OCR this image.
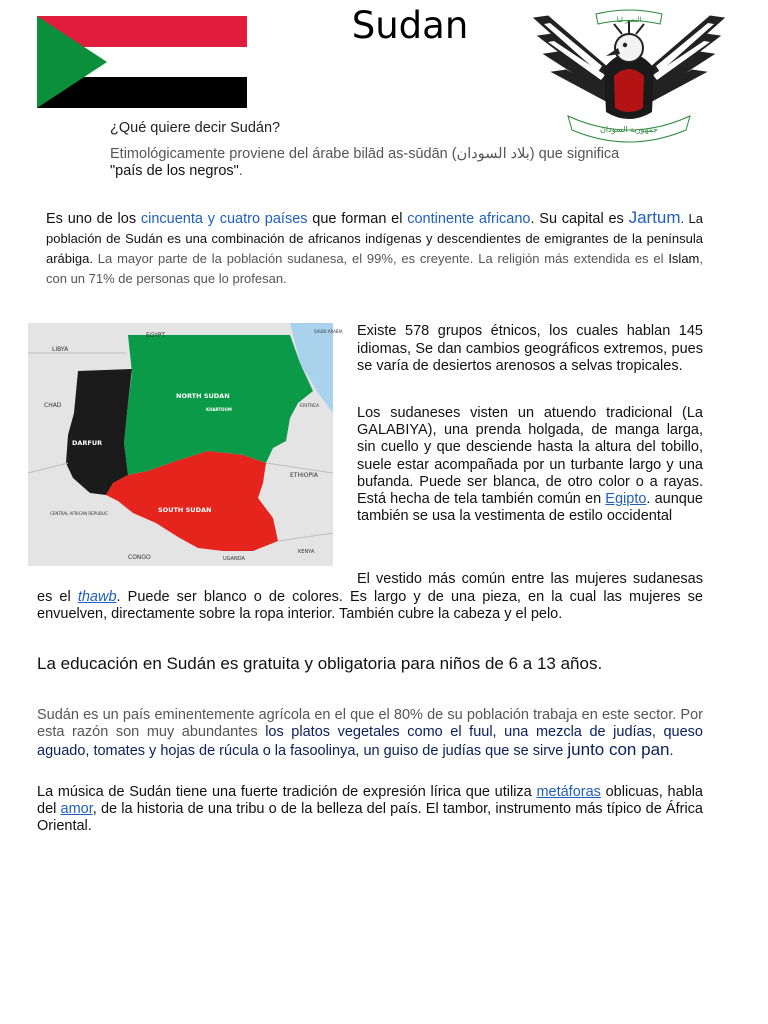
Sudan	النصر لنا
جمهورية السودان
¿Qué quiere decir Sudán?
Etimológicamente proviene del árabe bilād as-sūdān (بلاد السودان) que significa "país de los negros".
Es uno de los cincuenta y cuatro países que forman el continente africano. Su capital es Jartum. La población de Sudán es una combinación de africanos indígenas y descendientes de emigrantes de la península arábiga. La mayor parte de la población sudanesa, el 99%, es creyente. La religión más extendida es el Islam, con un 71% de personas que lo profesan.
EGYPT
LIBYA
SAUDI ARABIA
CHAD	ERITREA
NORTH SUDAN
KHARTOUM
DARFUR
ETHIOPIA
SOUTH SUDAN
CENTRAL AFRICAN REPUBLIC
CONGO	UGANDA
KENYA

Existe 578 grupos étnicos, los cuales hablan 145 idiomas, Se dan cambios geográficos extremos, pues se varía de desiertos arenosos a selvas tropicales.

Los sudaneses visten un atuendo tradicional (La GALABIYA), una prenda holgada, de manga larga, sin cuello y que desciende hasta la altura del tobillo, suele estar acompañada por un turbante largo y una bufanda. Puede ser blanca, de otro color o a rayas. Está hecha de tela también común en Egipto. aunque también se usa la vestimenta de estilo occidental

El vestido más común entre las mujeres sudanesas es el thawb. Puede ser blanco o de colores. Es largo y de una pieza, en la cual las mujeres se envuelven, directamente sobre la ropa interior. También cubre la cabeza y el pelo.

La educación en Sudán es gratuita y obligatoria para niños de 6 a 13 años.

Sudán es un país eminentemente agrícola en el que el 80% de su población trabaja en este sector. Por esta razón son muy abundantes los platos vegetales como el fuul, una mezcla de judías, queso aguado, tomates y hojas de rúcula o la fasoolinya, un guiso de judías que se sirve junto con pan.

La música de Sudán tiene una fuerte tradición de expresión lírica que utiliza metáforas oblicuas, habla del amor, de la historia de una tribu o de la belleza del país. El tambor, instrumento más típico de África Oriental.
